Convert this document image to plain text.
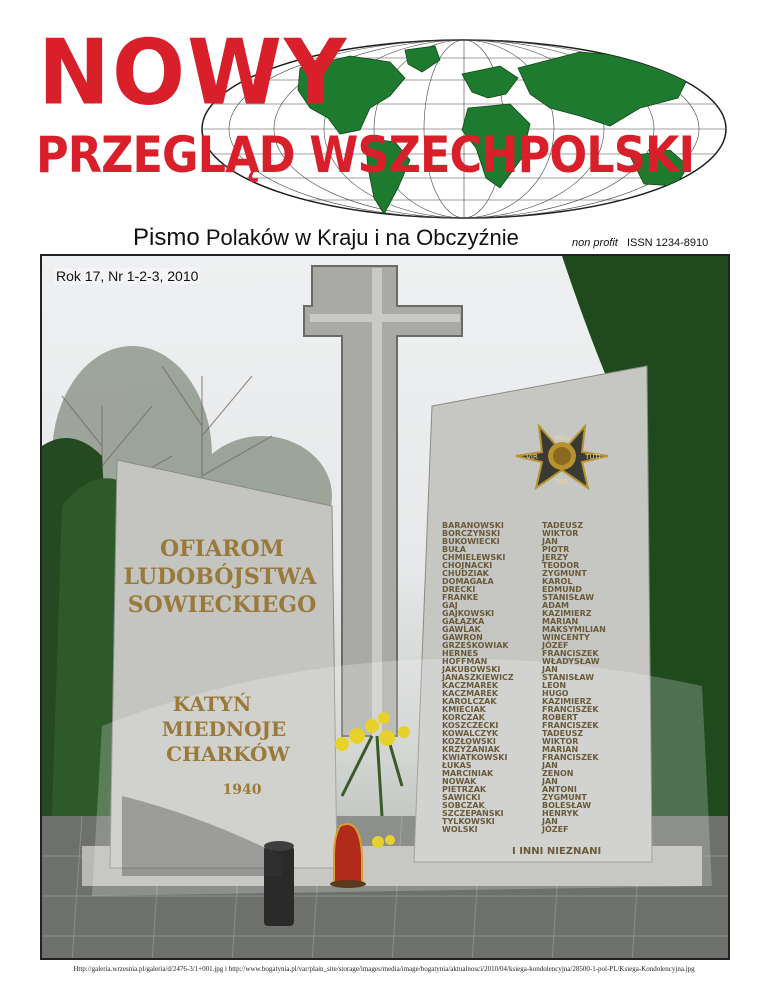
NOWY
PRZEGLĄD WSZECHPOLSKI
Pismo Polaków w Kraju i na Obczyźnie	non profit ISSN 1234-8910
OFIAROM
LUDOBÓJSTWA
SOWIECKIEGO
KATYŃ
MIEDNOJE
CHARKÓW
1940
MILI
VIR	TUTI
TAR
BARANOWSKI
BORCZYŃSKI
BUKOWIECKI
BUŁA
CHMIELEWSKI
CHOJNACKI
CHUDZIAK
DOMAGAŁA
DRECKI
FRANKE
GAJ
GAJKOWSKI
GAŁĄZKA
GAWLAK
GAWRON
GRZEŚKOWIAK
HERNES
HOFFMAN
JAKUBOWSKI
JANASZKIEWICZ
KACZMAREK
KACZMAREK
KAROLCZAK
KMIECIAK
KORCZAK
KOSZCZECKI
KOWALCZYK
KOZŁOWSKI
KRZYŻANIAK
KWIATKOWSKI
ŁUKAS
MARCINIAK
NOWAK
PIETRZAK
SAWICKI
SOBCZAK
SZCZEPAŃSKI
TYLKOWSKI
WOLSKI
TADEUSZ
WIKTOR
JAN
PIOTR
JERZY
TEODOR
ZYGMUNT
KAROL
EDMUND
STANISŁAW
ADAM
KAZIMIERZ
MARIAN
MAKSYMILIAN
WINCENTY
JÓZEF
FRANCISZEK
WŁADYSŁAW
JAN
STANISŁAW
LEON
HUGO
KAZIMIERZ
FRANCISZEK
ROBERT
FRANCISZEK
TADEUSZ
WIKTOR
MARIAN
FRANCISZEK
JAN
ZENON
JAN
ANTONI
ZYGMUNT
BOLESŁAW
HENRYK
JAN
JÓZEF
I INNI NIEZNANI
Rok 17, Nr 1-2-3, 2010
Http://galeria.wrzesnia.pl/galeria/d/2476-3/1+001.jpg i http://www.bogatynia.pl/var/plain_site/storage/images/media/image/bogatynia/aktualnosci/2010/04/ksiega-kondolencyjna/28500-1-pol-PL/Ksiega-Kondolencyjna.jpg
